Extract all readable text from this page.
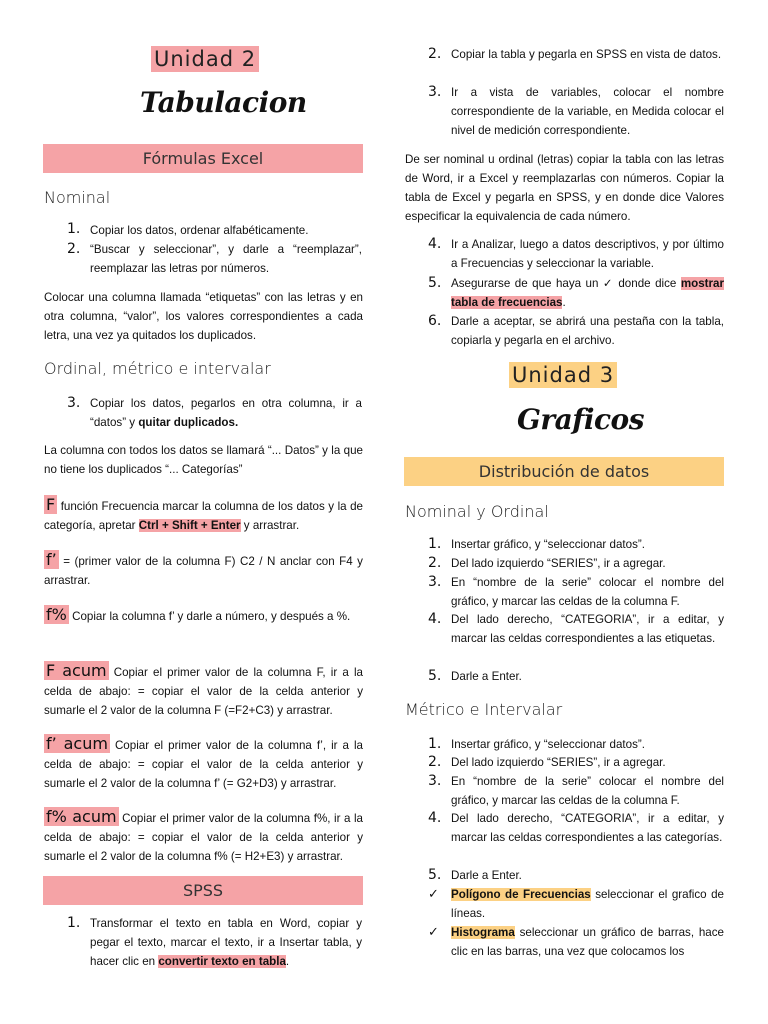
Unidad 2
Tabulacion
Fórmulas Excel
Nominal
1. Copiar los datos, ordenar alfabéticamente.
2. “Buscar y seleccionar”, y darle a “reemplazar”, reemplazar las letras por números.
Colocar una columna llamada “etiquetas” con las letras y en otra columna, “valor”, los valores correspondientes a cada letra, una vez ya quitados los duplicados.
Ordinal, métrico e intervalar
3. Copiar los datos, pegarlos en otra columna, ir a “datos” y quitar duplicados.
La columna con todos los datos se llamará “... Datos” y la que no tiene los duplicados “... Categorías”
F función Frecuencia marcar la columna de los datos y la de categoría, apretar Ctrl + Shift + Enter y arrastrar.
f’ = (primer valor de la columna F) C2 / N anclar con F4 y arrastrar.
f% Copiar la columna f’ y darle a número, y después a %.
F acum Copiar el primer valor de la columna F, ir a la celda de abajo: = copiar el valor de la celda anterior y sumarle el 2 valor de la columna F (=F2+C3) y arrastrar.
f’ acum Copiar el primer valor de la columna f’, ir a la celda de abajo: = copiar el valor de la celda anterior y sumarle el 2 valor de la columna f’ (= G2+D3) y arrastrar.
f% acum Copiar el primer valor de la columna f%, ir a la celda de abajo: = copiar el valor de la celda anterior y sumarle el 2 valor de la columna f% (= H2+E3) y arrastrar.
SPSS
1. Transformar el texto en tabla en Word, copiar y pegar el texto, marcar el texto, ir a Insertar tabla, y hacer clic en convertir texto en tabla.
2. Copiar la tabla y pegarla en SPSS en vista de datos.
3. Ir a vista de variables, colocar el nombre correspondiente de la variable, en Medida colocar el nivel de medición correspondiente.
De ser nominal u ordinal (letras) copiar la tabla con las letras de Word, ir a Excel y reemplazarlas con números. Copiar la tabla de Excel y pegarla en SPSS, y en donde dice Valores especificar la equivalencia de cada número.
4. Ir a Analizar, luego a datos descriptivos, y por último a Frecuencias y seleccionar la variable.
5. Asegurarse de que haya un ✓ donde dice mostrar tabla de frecuencias.
6. Darle a aceptar, se abrirá una pestaña con la tabla, copiarla y pegarla en el archivo.
Unidad 3
Graficos
Distribución de datos
Nominal y Ordinal
1. Insertar gráfico, y “seleccionar datos”.
2. Del lado izquierdo “SERIES”, ir a agregar.
3. En “nombre de la serie” colocar el nombre del gráfico, y marcar las celdas de la columna F.
4. Del lado derecho, “CATEGORIA”, ir a editar, y marcar las celdas correspondientes a las etiquetas.
5. Darle a Enter.
Métrico e Intervalar
1. Insertar gráfico, y “seleccionar datos”.
2. Del lado izquierdo “SERIES”, ir a agregar.
3. En “nombre de la serie” colocar el nombre del gráfico, y marcar las celdas de la columna F.
4. Del lado derecho, “CATEGORIA”, ir a editar, y marcar las celdas correspondientes a las categorías.
5. Darle a Enter.
✓ Polígono de Frecuencias seleccionar el grafico de líneas.
✓ Histograma seleccionar un gráfico de barras, hace clic en las barras, una vez que colocamos los
